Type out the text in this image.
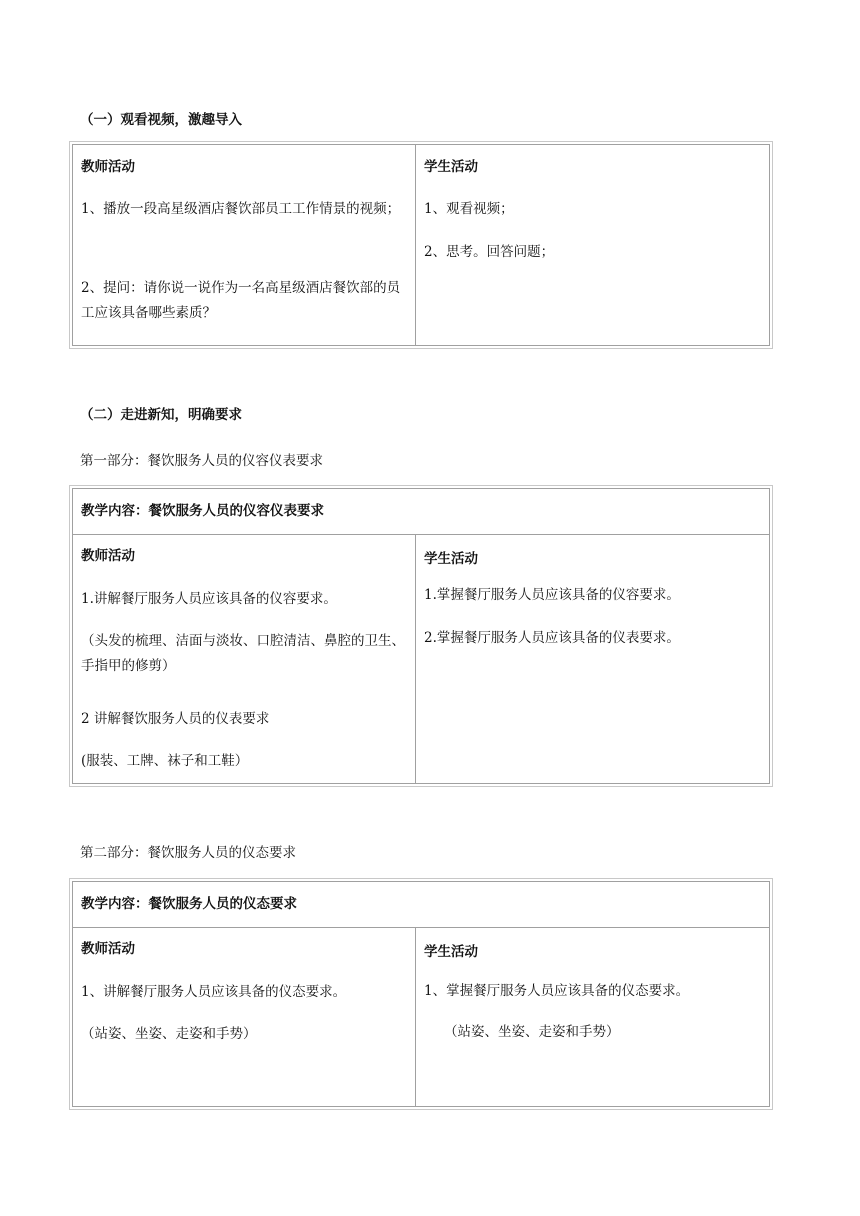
（一）观看视频，激趣导入
教师活动
1、播放一段高星级酒店餐饮部员工工作情景的视频；
2、提问：请你说一说作为一名高星级酒店餐饮部的员工应该具备哪些素质？
学生活动
1、观看视频；
2、思考。回答问题；
（二）走进新知，明确要求
第一部分：餐饮服务人员的仪容仪表要求
教学内容：餐饮服务人员的仪容仪表要求
教师活动
1.讲解餐厅服务人员应该具备的仪容要求。
（头发的梳理、洁面与淡妆、口腔清洁、鼻腔的卫生、手指甲的修剪）
2 讲解餐饮服务人员的仪表要求
(服装、工牌、袜子和工鞋）
学生活动
1.掌握餐厅服务人员应该具备的仪容要求。
2.掌握餐厅服务人员应该具备的仪表要求。
第二部分：餐饮服务人员的仪态要求
教学内容：餐饮服务人员的仪态要求
教师活动
1、讲解餐厅服务人员应该具备的仪态要求。
（站姿、坐姿、走姿和手势）
学生活动
1、掌握餐厅服务人员应该具备的仪态要求。
（站姿、坐姿、走姿和手势）
